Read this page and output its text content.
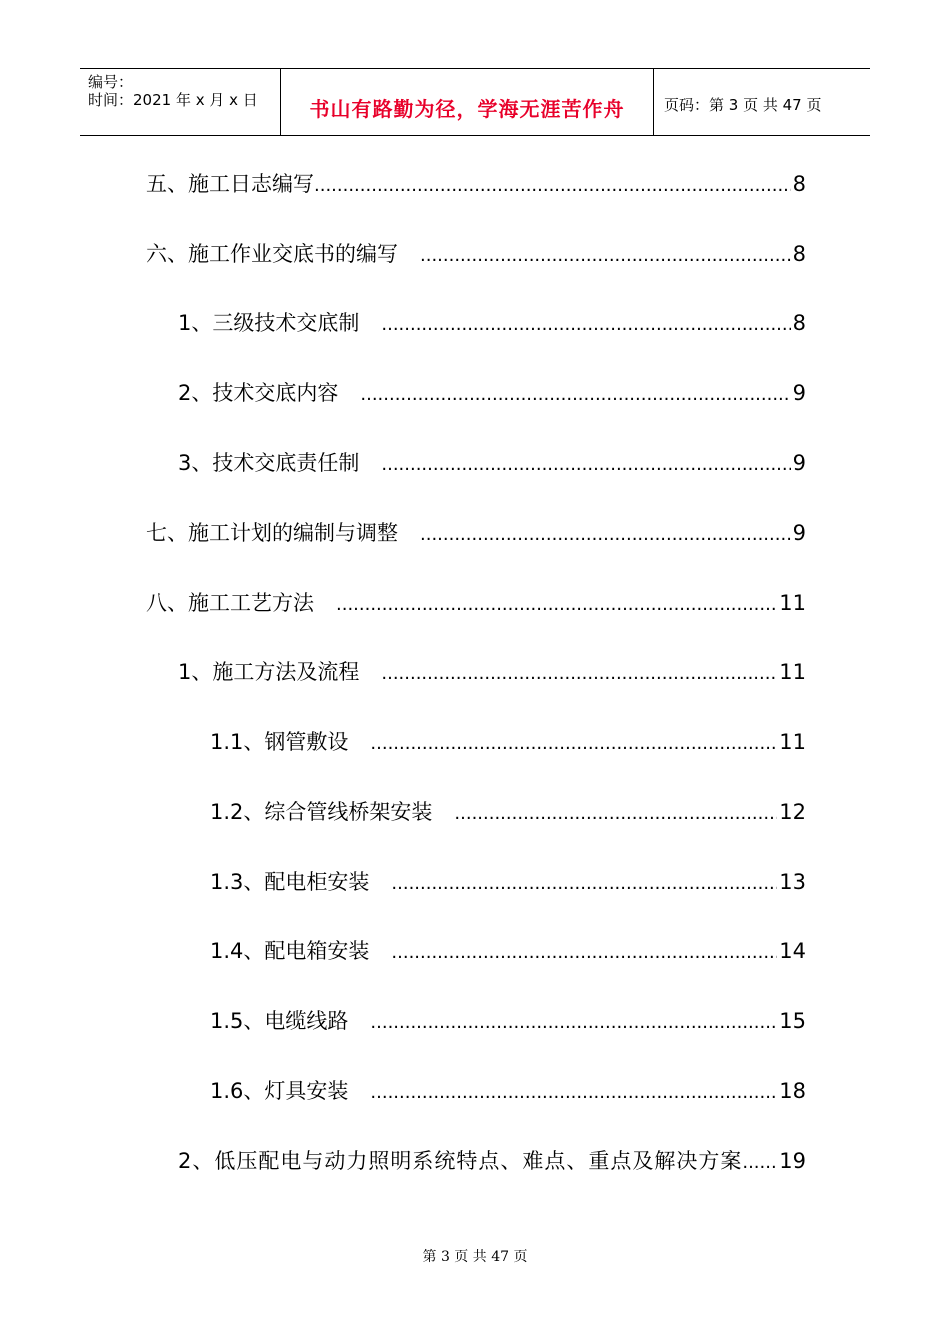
编号：
时间：2021 年 x 月 x 日	书山有路勤为径，学海无涯苦作舟	页码：第 3 页 共 47 页
五、施工日志编写 .....	8
六、施工作业交底书的编写 .....	8
1、三级技术交底制 .....	8
2、技术交底内容 .....	9
3、技术交底责任制 .....	9
七、施工计划的编制与调整 .....	9
八、施工工艺方法 .....	11
1、施工方法及流程 .....	11
1.1、钢管敷设 .....	11
1.2、综合管线桥架安装 .....	12
1.3、配电柜安装 .....	13
1.4、配电箱安装 .....	14
1.5、电缆线路 .....	15
1.6、灯具安装 .....	18
2、低压配电与动力照明系统特点、难点、重点及解决方案 ..... 19
第 3 页 共 47 页
